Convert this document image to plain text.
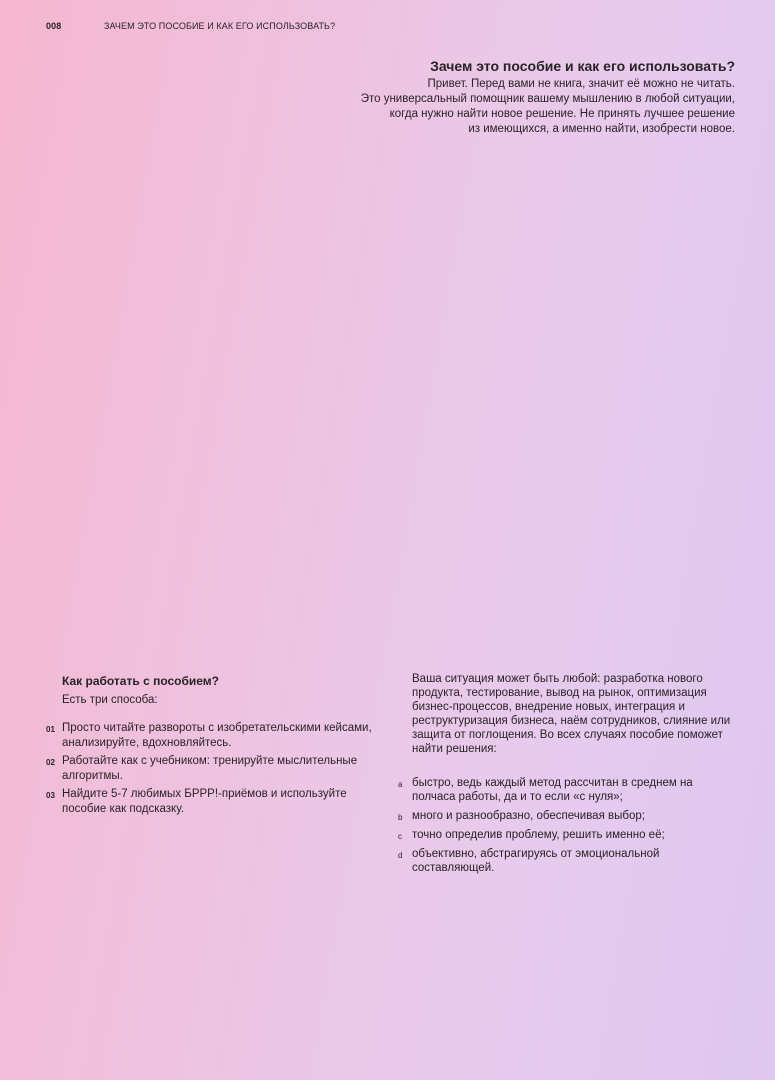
008	ЗАЧЕМ ЭТО ПОСОБИЕ И КАК ЕГО ИСПОЛЬЗОВАТЬ?
Зачем это пособие и как его использовать?

Привет. Перед вами не книга, значит её можно не читать.

Это универсальный помощник вашему мышлению в любой ситуации,

когда нужно найти новое решение. Не принять лучшее решение

из имеющихся, а именно найти, изобрести новое.

Как работать с пособием?

Есть три способа:

01 Просто читайте развороты с изобретательскими кейсами, анализируйте, вдохновляйтесь.
02 Работайте как с учебником: тренируйте мыслительные алгоритмы.
03 Найдите 5-7 любимых БРРР!-приёмов и используйте пособие как подсказку.

Ваша ситуация может быть любой: разработка нового продукта, тестирование, вывод на рынок, оптимизация бизнес-процессов, внедрение новых, интеграция и реструктуризация бизнеса, наём сотрудников, слияние или защита от поглощения. Во всех случаях пособие поможет найти решения:

a быстро, ведь каждый метод рассчитан в среднем на полчаса работы, да и то если «с нуля»;
b много и разнообразно, обеспечивая выбор;
c точно определив проблему, решить именно её;
d объективно, абстрагируясь от эмоциональной составляющей.
